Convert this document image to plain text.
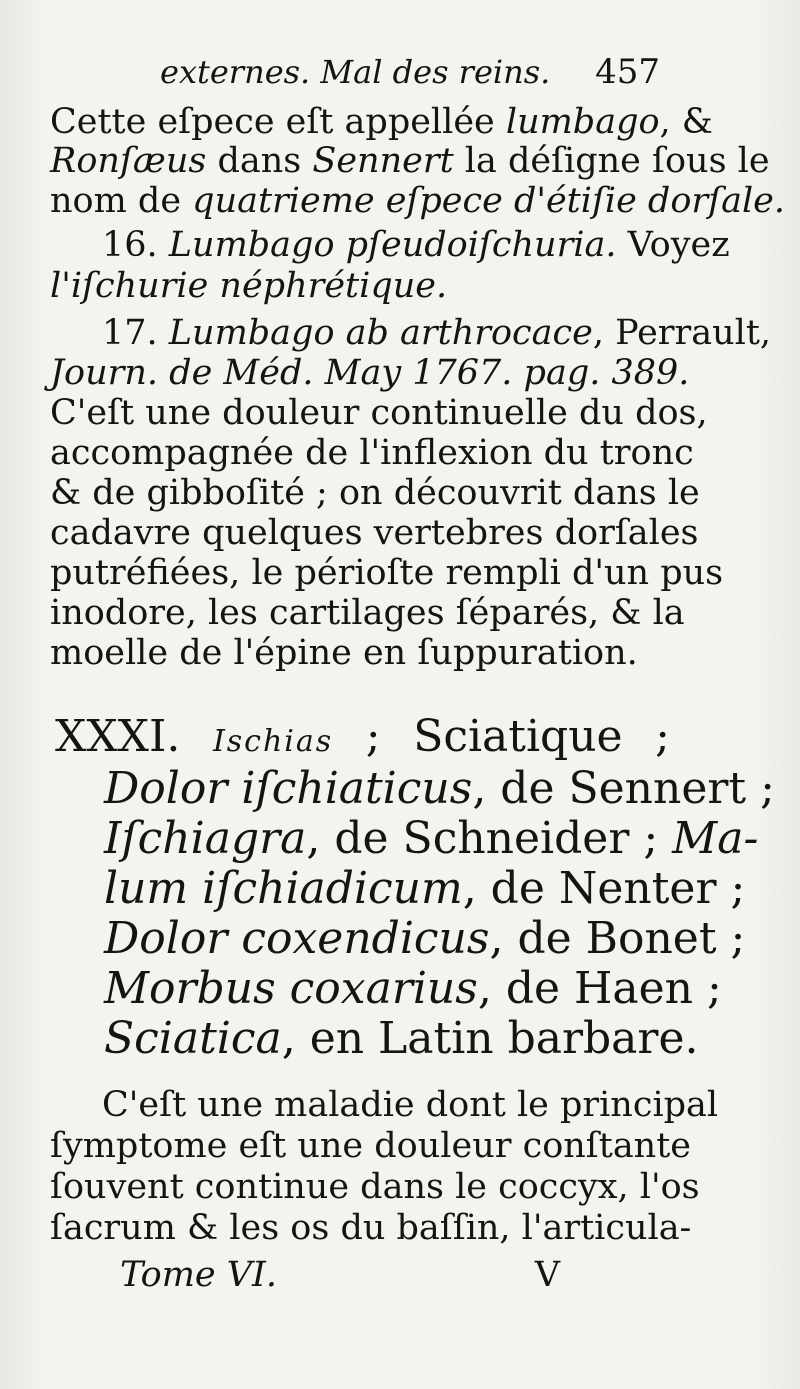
externes. Mal des reins. 457
Cette eſpece eſt appellée lumbago, &
Ronſæus dans Sennert la déſigne ſous le
nom de quatrieme eſpece d'étiſie dorſale.
16. Lumbago pſeudoiſchuria. Voyez
l'iſchurie néphrétique.
17. Lumbago ab arthrocace, Perrault,
Journ. de Méd. May 1767. pag. 389.
C'eſt une douleur continuelle du dos,
accompagnée de l'inflexion du tronc
& de gibboſité ; on découvrit dans le
cadavre quelques vertebres dorſales
putréfiées, le périoſte rempli d'un pus
inodore, les cartilages ſéparés, & la
moelle de l'épine en ſuppuration.
XXXI. Ischias ; Sciatique ;
Dolor iſchiaticus, de Sennert ;
Iſchiagra, de Schneider ; Ma-
lum iſchiadicum, de Nenter ;
Dolor coxendicus, de Bonet ;
Morbus coxarius, de Haen ;
Sciatica, en Latin barbare.
C'eſt une maladie dont le principal
ſymptome eſt une douleur conſtante
ſouvent continue dans le coccyx, l'os
ſacrum & les os du baſſin, l'articula-
Tome VI.	V
